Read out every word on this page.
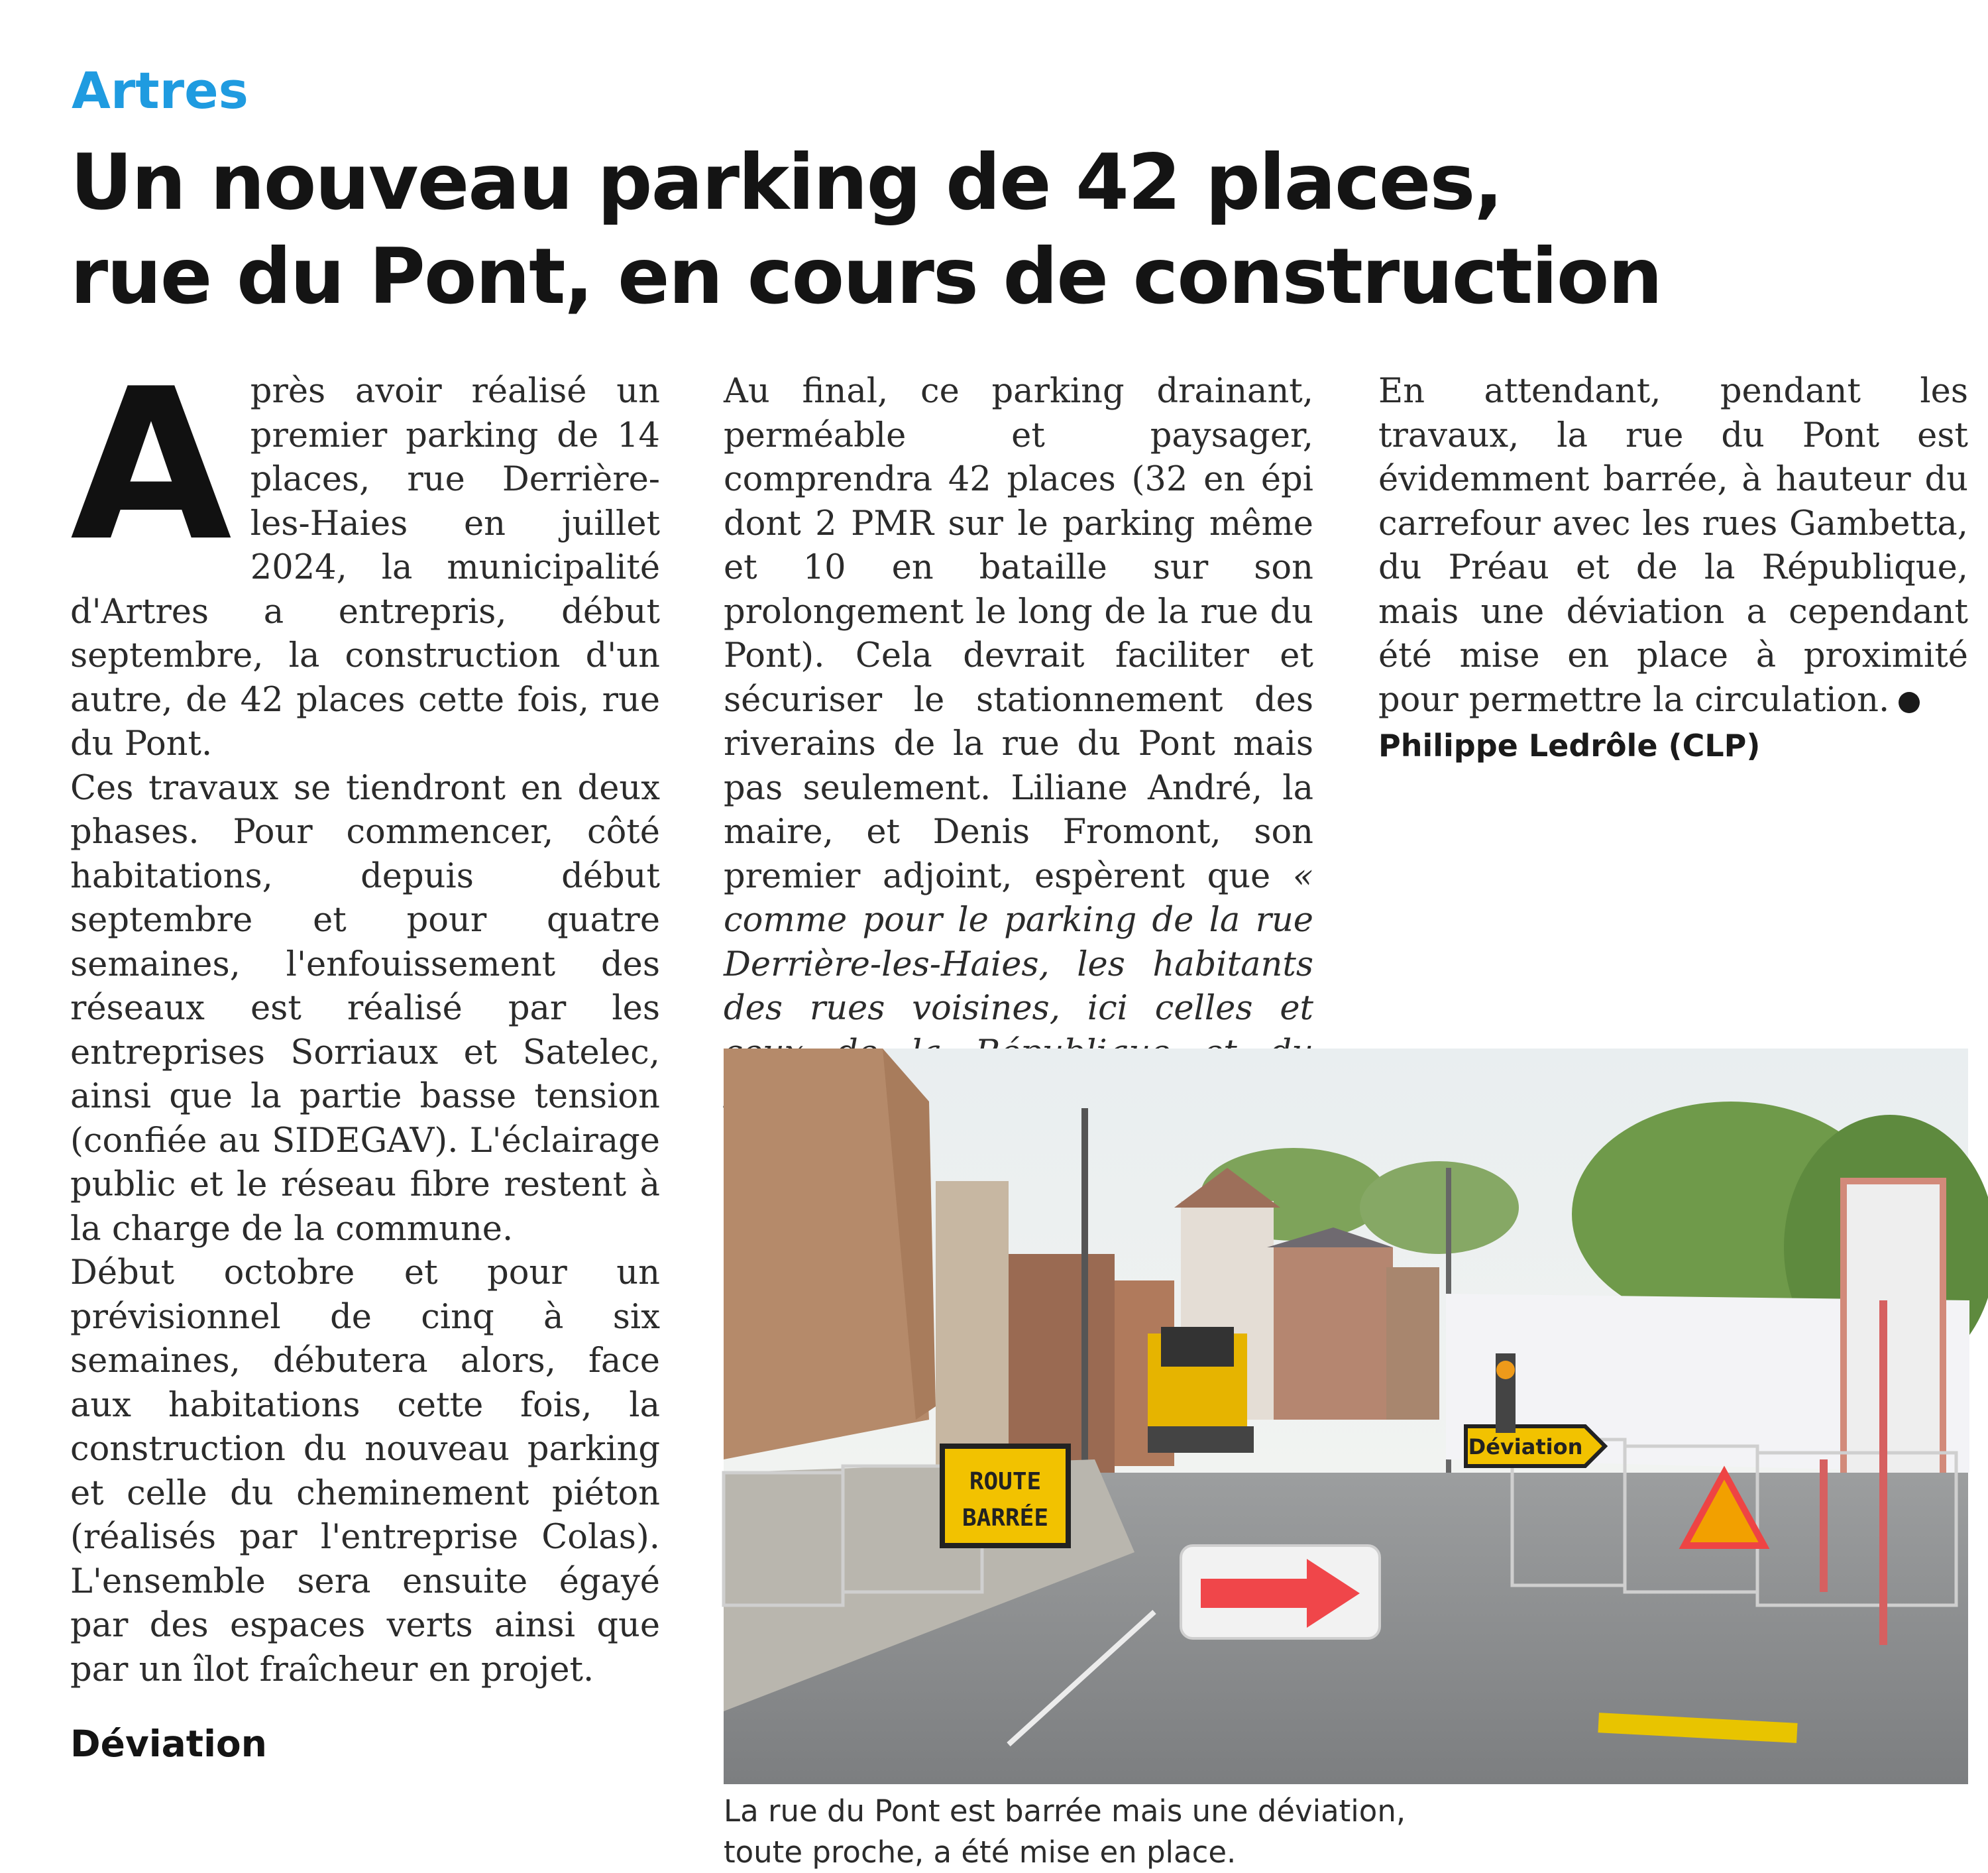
Artres
Un nouveau parking de 42 places,
rue du Pont, en cours de construction

Après avoir réalisé un premier parking de 14 places, rue Derrière-les-Haies en juillet 2024, la municipalité d'Artres a entrepris, début septembre, la construction d'un autre, de 42 places cette fois, rue du Pont.

Ces travaux se tiendront en deux phases. Pour commencer, côté habitations, depuis début septembre et pour quatre semaines, l'enfouissement des réseaux est réalisé par les entreprises Sorriaux et Satelec, ainsi que la partie basse tension (confiée au SIDEGAV). L'éclairage public et le réseau fibre restent à la charge de la commune.

Début octobre et pour un prévisionnel de cinq à six semaines, débutera alors, face aux habitations cette fois, la construction du nouveau parking et celle du cheminement piéton (réalisés par l'entreprise Colas). L'ensemble sera ensuite égayé par des espaces verts ainsi que par un îlot fraîcheur en projet.

Déviation

Au final, ce parking drainant, perméable et paysager, comprendra 42 places (32 en épi dont 2 PMR sur le parking même et 10 en bataille sur son prolongement le long de la rue du Pont). Cela devrait faciliter et sécuriser le stationnement des riverains de la rue du Pont mais pas seulement. Liliane André, la maire, et Denis Fromont, son premier adjoint, espèrent que « comme pour le parking de la rue Derrière-les-Haies, les habitants des rues voisines, ici celles et

En attendant, pendant les travaux, la rue du Pont est évidemment barrée, à hauteur du carrefour avec les rues Gambetta, du Préau et de la République, mais une déviation a cependant été mise en place à proximité pour permettre la circulation.

Philippe Ledrôle (CLP)

ROUTE
BARRÉE
Déviation

La rue du Pont est barrée mais une déviation,

toute proche, a été mise en place.
